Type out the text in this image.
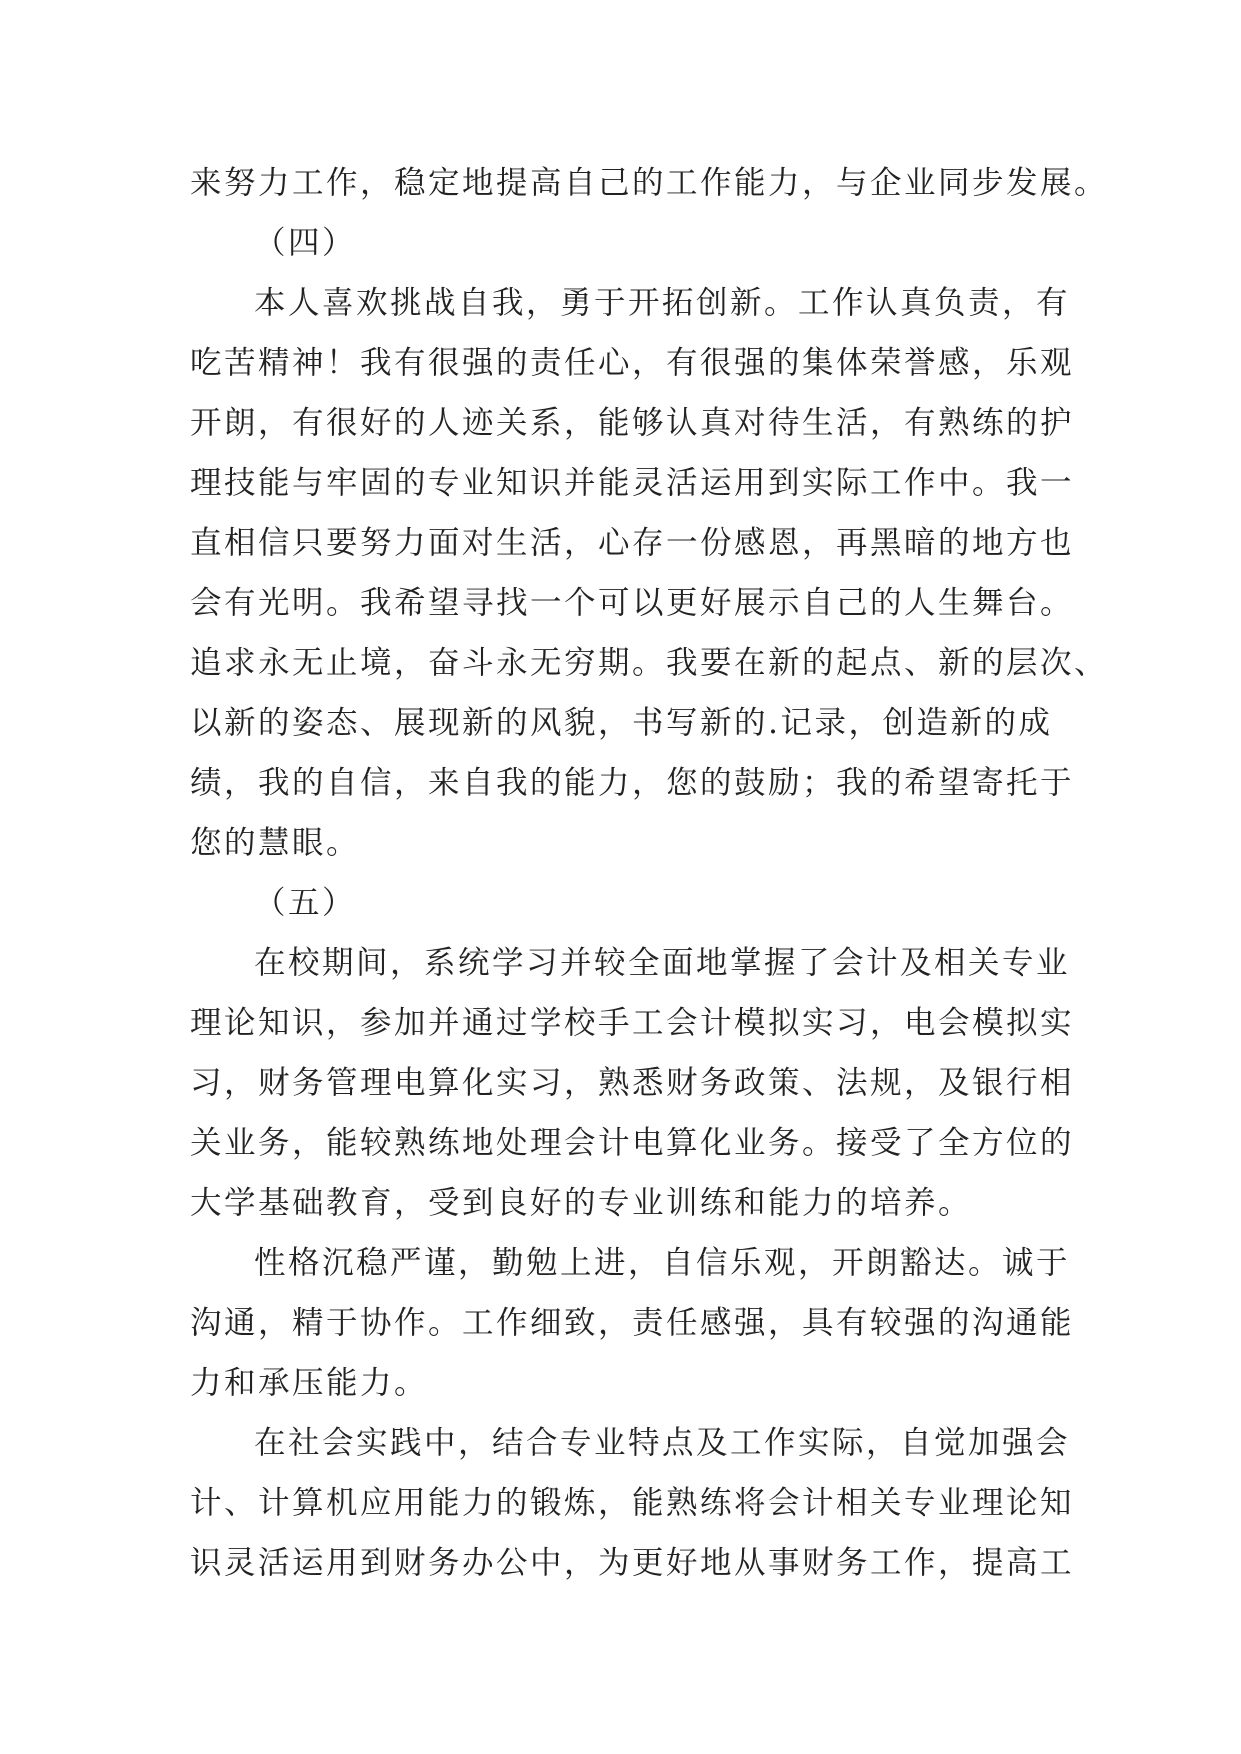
来努力工作，稳定地提高自己的工作能力，与企业同步发展。
（四）
本人喜欢挑战自我，勇于开拓创新。工作认真负责，有
吃苦精神！我有很强的责任心，有很强的集体荣誉感，乐观
开朗，有很好的人迹关系，能够认真对待生活，有熟练的护
理技能与牢固的专业知识并能灵活运用到实际工作中。我一
直相信只要努力面对生活，心存一份感恩，再黑暗的地方也
会有光明。我希望寻找一个可以更好展示自己的人生舞台。
追求永无止境，奋斗永无穷期。我要在新的起点、新的层次、
以新的姿态、展现新的风貌，书写新的.记录，创造新的成
绩，我的自信，来自我的能力，您的鼓励；我的希望寄托于
您的慧眼。
（五）
在校期间，系统学习并较全面地掌握了会计及相关专业
理论知识，参加并通过学校手工会计模拟实习，电会模拟实
习，财务管理电算化实习，熟悉财务政策、法规，及银行相
关业务，能较熟练地处理会计电算化业务。接受了全方位的
大学基础教育，受到良好的专业训练和能力的培养。
性格沉稳严谨，勤勉上进，自信乐观，开朗豁达。诚于
沟通，精于协作。工作细致，责任感强，具有较强的沟通能
力和承压能力。
在社会实践中，结合专业特点及工作实际，自觉加强会
计、计算机应用能力的锻炼，能熟练将会计相关专业理论知
识灵活运用到财务办公中，为更好地从事财务工作，提高工
